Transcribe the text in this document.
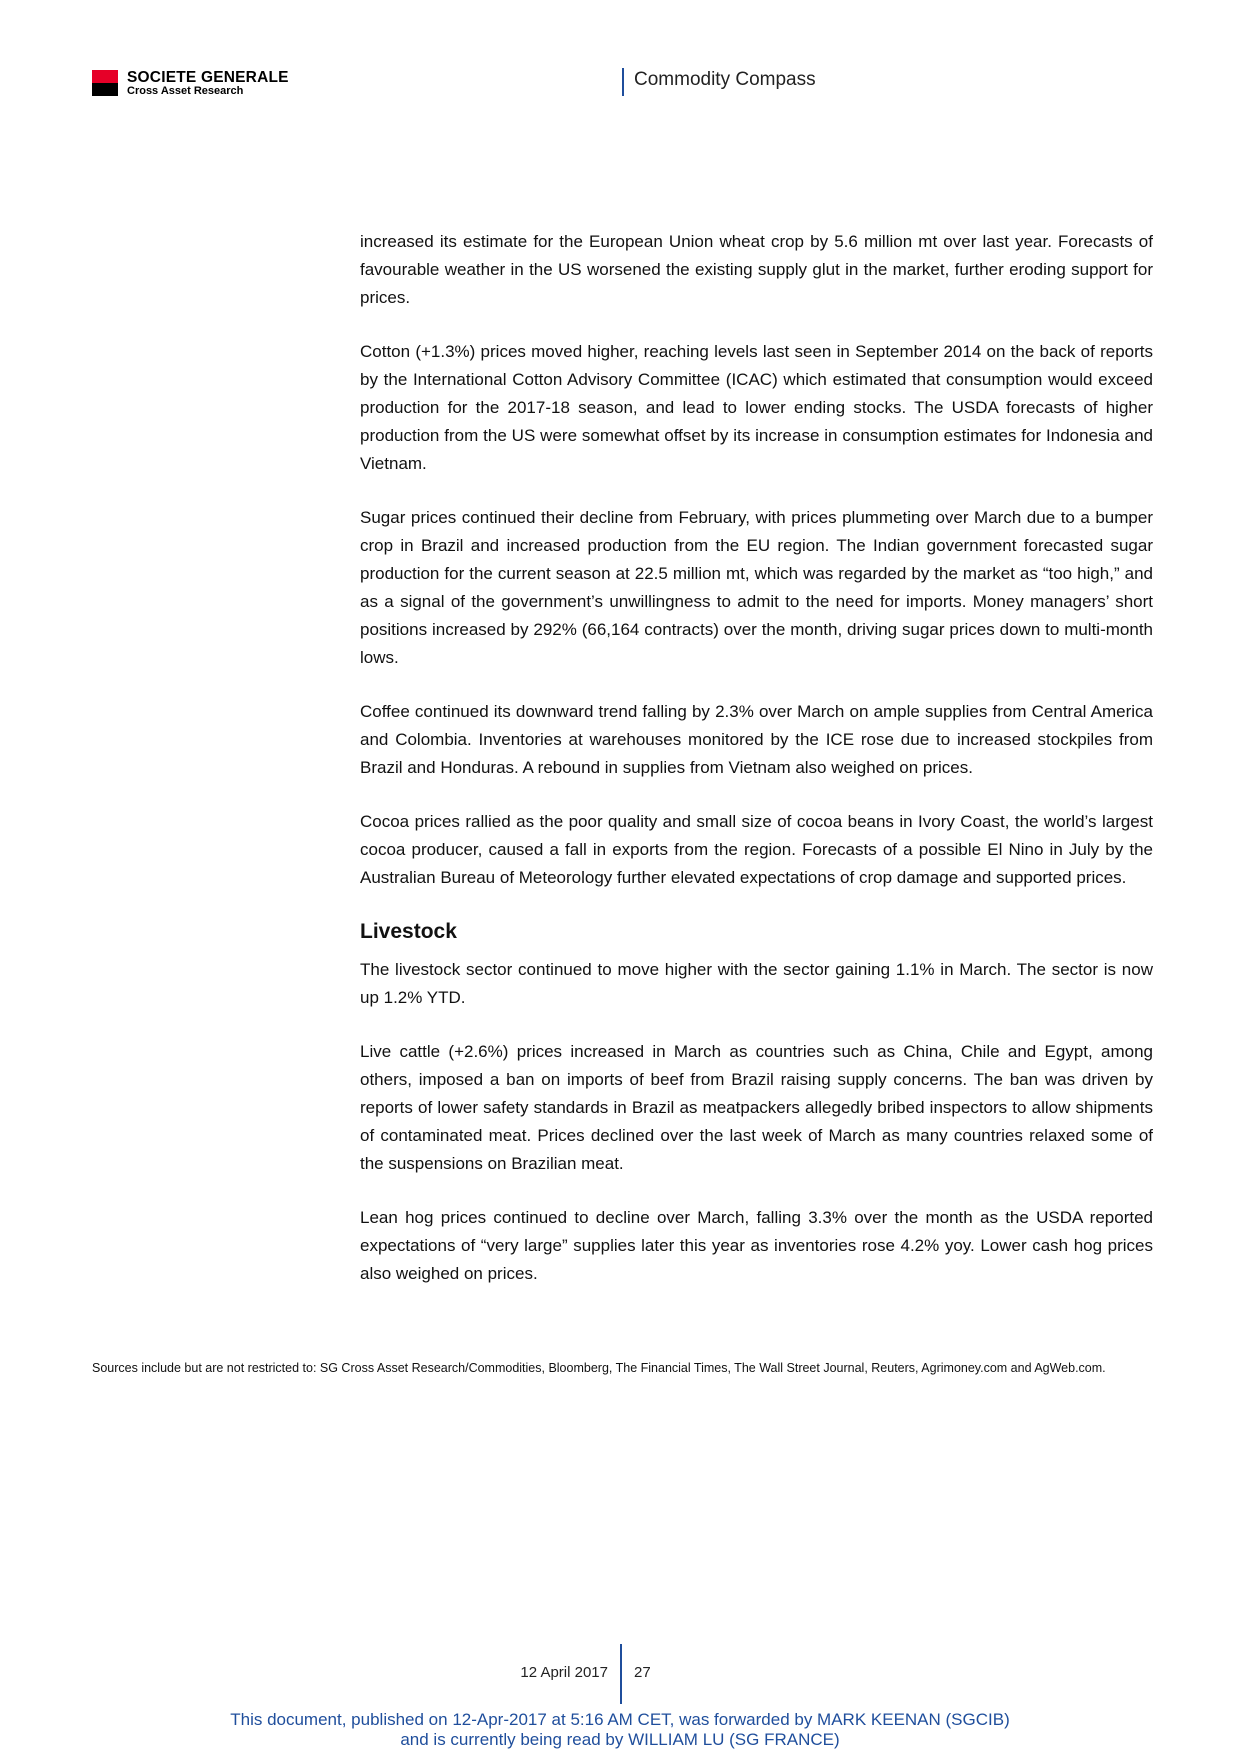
SOCIETE GENERALE
Cross Asset Research
Commodity Compass

increased its estimate for the European Union wheat crop by 5.6 million mt over last year. Forecasts of favourable weather in the US worsened the existing supply glut in the market, further eroding support for prices.

Cotton (+1.3%) prices moved higher, reaching levels last seen in September 2014 on the back of reports by the International Cotton Advisory Committee (ICAC) which estimated that consumption would exceed production for the 2017-18 season, and lead to lower ending stocks. The USDA forecasts of higher production from the US were somewhat offset by its increase in consumption estimates for Indonesia and Vietnam.

Sugar prices continued their decline from February, with prices plummeting over March due to a bumper crop in Brazil and increased production from the EU region. The Indian government forecasted sugar production for the current season at 22.5 million mt, which was regarded by the market as “too high,” and as a signal of the government’s unwillingness to admit to the need for imports. Money managers’ short positions increased by 292% (66,164 contracts) over the month, driving sugar prices down to multi-month lows.

Coffee continued its downward trend falling by 2.3% over March on ample supplies from Central America and Colombia. Inventories at warehouses monitored by the ICE rose due to increased stockpiles from Brazil and Honduras. A rebound in supplies from Vietnam also weighed on prices.

Cocoa prices rallied as the poor quality and small size of cocoa beans in Ivory Coast, the world’s largest cocoa producer, caused a fall in exports from the region. Forecasts of a possible El Nino in July by the Australian Bureau of Meteorology further elevated expectations of crop damage and supported prices.

Livestock

The livestock sector continued to move higher with the sector gaining 1.1% in March. The sector is now up 1.2% YTD.

Live cattle (+2.6%) prices increased in March as countries such as China, Chile and Egypt, among others, imposed a ban on imports of beef from Brazil raising supply concerns. The ban was driven by reports of lower safety standards in Brazil as meatpackers allegedly bribed inspectors to allow shipments of contaminated meat. Prices declined over the last week of March as many countries relaxed some of the suspensions on Brazilian meat.

Lean hog prices continued to decline over March, falling 3.3% over the month as the USDA reported expectations of “very large” supplies later this year as inventories rose 4.2% yoy. Lower cash hog prices also weighed on prices.

Sources include but are not restricted to: SG Cross Asset Research/Commodities, Bloomberg, The Financial Times, The Wall Street Journal, Reuters, Agrimoney.com and AgWeb.com.
12 April 2017 27
This document, published on 12-Apr-2017 at 5:16 AM CET, was forwarded by MARK KEENAN (SGCIB)
and is currently being read by WILLIAM LU (SG FRANCE)
